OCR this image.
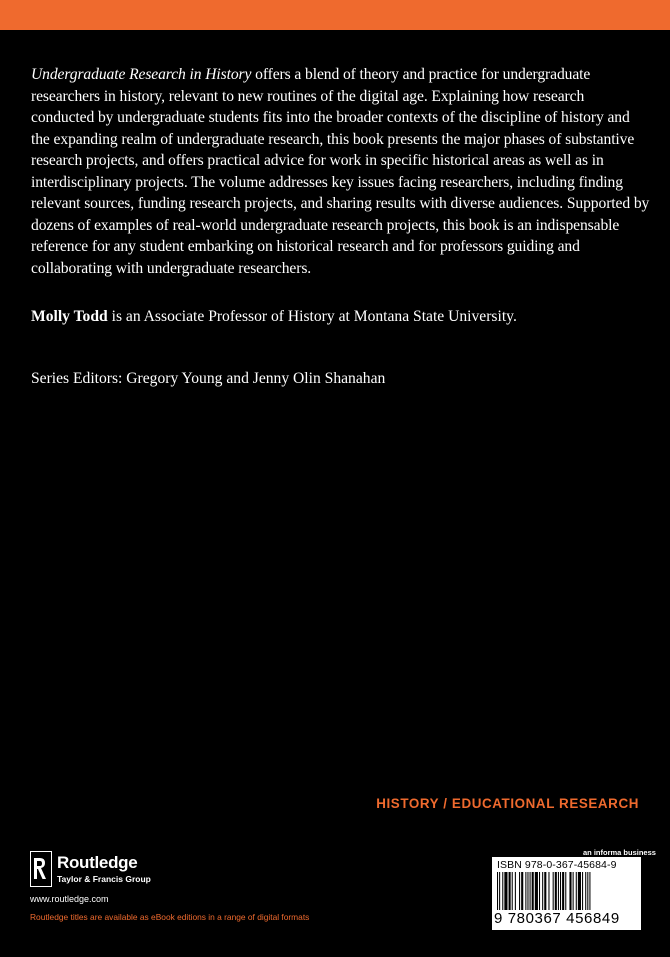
Undergraduate Research in History offers a blend of theory and practice for undergraduate researchers in history, relevant to new routines of the digital age. Explaining how research conducted by undergraduate students fits into the broader contexts of the discipline of history and the expanding realm of undergraduate research, this book presents the major phases of substantive research projects, and offers practical advice for work in specific historical areas as well as in interdisciplinary projects. The volume addresses key issues facing researchers, including finding relevant sources, funding research projects, and sharing results with diverse audiences. Supported by dozens of examples of real-world undergraduate research projects, this book is an indispensable reference for any student embarking on historical research and for professors guiding and collaborating with undergraduate researchers.

Molly Todd is an Associate Professor of History at Montana State University.

Series Editors: Gregory Young and Jenny Olin Shanahan

HISTORY / EDUCATIONAL RESEARCH
Routledge
Taylor & Francis Group
www.routledge.com
Routledge titles are available as eBook editions in a range of digital formats
an informa business
ISBN 978-0-367-45684-9
9 780367 456849
